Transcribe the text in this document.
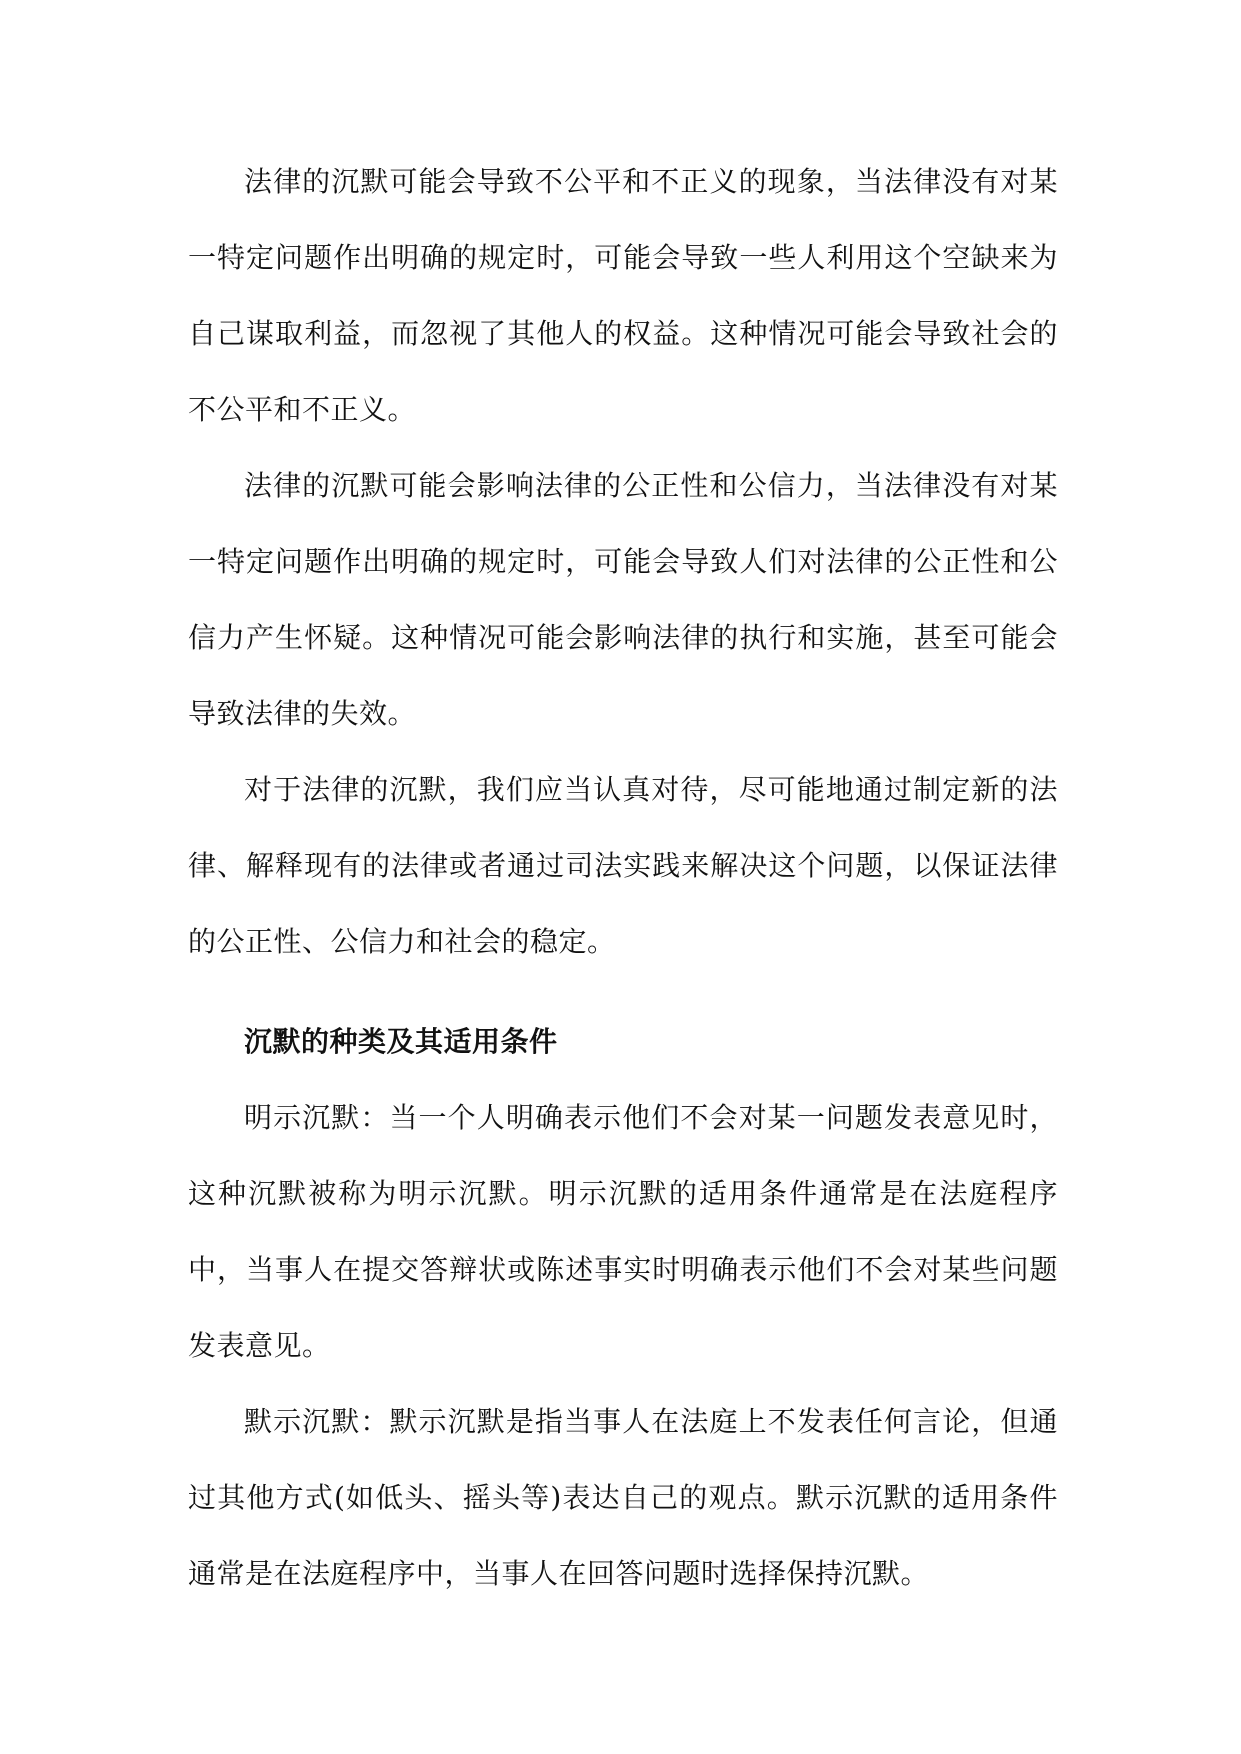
法律的沉默可能会导致不公平和不正义的现象，当法律没有对某一特定问题作出明确的规定时，可能会导致一些人利用这个空缺来为自己谋取利益，而忽视了其他人的权益。这种情况可能会导致社会的不公平和不正义。

法律的沉默可能会影响法律的公正性和公信力，当法律没有对某一特定问题作出明确的规定时，可能会导致人们对法律的公正性和公信力产生怀疑。这种情况可能会影响法律的执行和实施，甚至可能会导致法律的失效。

对于法律的沉默，我们应当认真对待，尽可能地通过制定新的法律、解释现有的法律或者通过司法实践来解决这个问题，以保证法律的公正性、公信力和社会的稳定。

沉默的种类及其适用条件

明示沉默：当一个人明确表示他们不会对某一问题发表意见时，这种沉默被称为明示沉默。明示沉默的适用条件通常是在法庭程序中，当事人在提交答辩状或陈述事实时明确表示他们不会对某些问题发表意见。

默示沉默：默示沉默是指当事人在法庭上不发表任何言论，但通过其他方式(如低头、摇头等)表达自己的观点。默示沉默的适用条件通常是在法庭程序中，当事人在回答问题时选择保持沉默。
